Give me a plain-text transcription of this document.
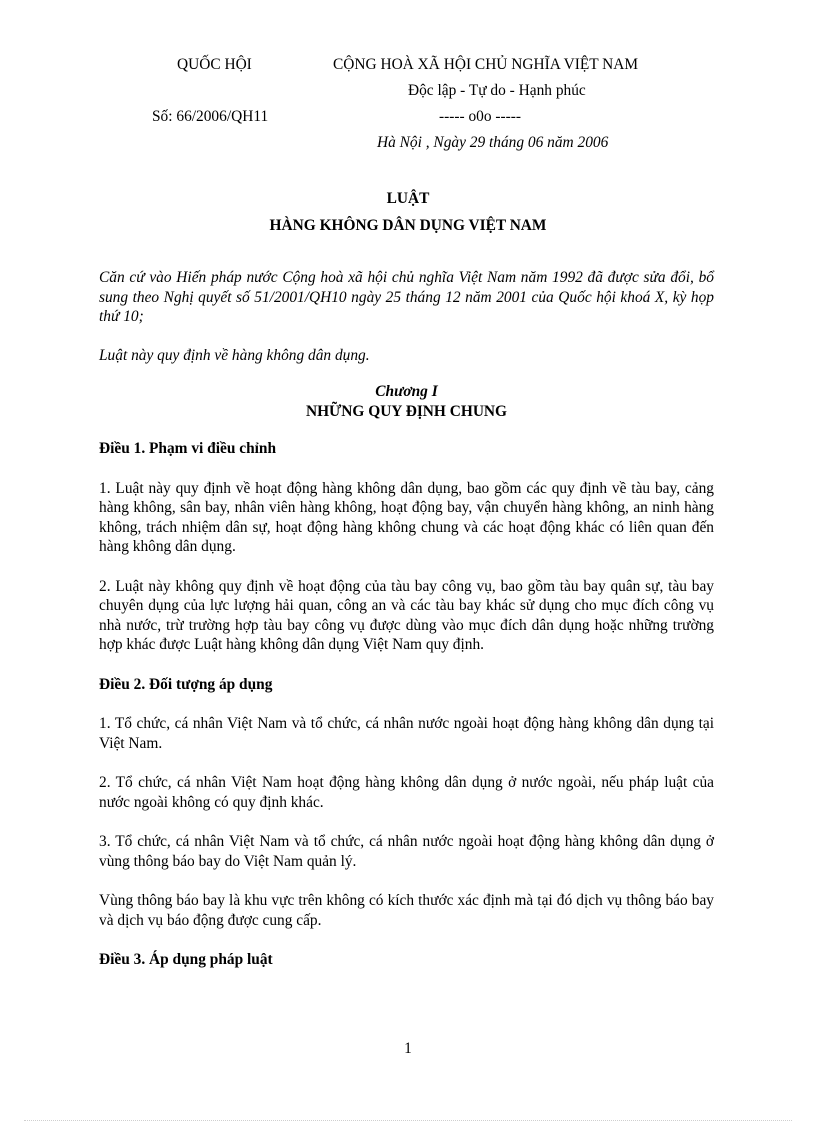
QUỐC HỘI	CỘNG HOÀ XÃ HỘI CHỦ NGHĨA VIỆT NAM
Độc lập - Tự do - Hạnh phúc
Số: 66/2006/QH11	----- o0o -----
Hà Nội , Ngày 29 tháng 06 năm 2006
LUẬT
HÀNG KHÔNG DÂN DỤNG VIỆT NAM

Căn cứ vào Hiến pháp nước Cộng hoà xã hội chủ nghĩa Việt Nam năm 1992 đã được sửa đổi, bổ sung theo Nghị quyết số 51/2001/QH10 ngày 25 tháng 12 năm 2001 của Quốc hội khoá X, kỳ họp thứ 10;

Luật này quy định về hàng không dân dụng.

Chương I

NHỮNG QUY ĐỊNH CHUNG

Điều 1. Phạm vi điều chỉnh

1. Luật này quy định về hoạt động hàng không dân dụng, bao gồm các quy định về tàu bay, cảng hàng không, sân bay, nhân viên hàng không, hoạt động bay, vận chuyển hàng không, an ninh hàng không, trách nhiệm dân sự, hoạt động hàng không chung và các hoạt động khác có liên quan đến hàng không dân dụng.

2. Luật này không quy định về hoạt động của tàu bay công vụ, bao gồm tàu bay quân sự, tàu bay chuyên dụng của lực lượng hải quan, công an và các tàu bay khác sử dụng cho mục đích công vụ nhà nước, trừ trường hợp tàu bay công vụ được dùng vào mục đích dân dụng hoặc những trường hợp khác được Luật hàng không dân dụng Việt Nam quy định.

Điều 2. Đối tượng áp dụng

1. Tổ chức, cá nhân Việt Nam và tổ chức, cá nhân nước ngoài hoạt động hàng không dân dụng tại Việt Nam.

2. Tổ chức, cá nhân Việt Nam hoạt động hàng không dân dụng ở nước ngoài, nếu pháp luật của nước ngoài không có quy định khác.

3. Tổ chức, cá nhân Việt Nam và tổ chức, cá nhân nước ngoài hoạt động hàng không dân dụng ở vùng thông báo bay do Việt Nam quản lý.

Vùng thông báo bay là khu vực trên không có kích thước xác định mà tại đó dịch vụ thông báo bay và dịch vụ báo động được cung cấp.

Điều 3. Áp dụng pháp luật

1
